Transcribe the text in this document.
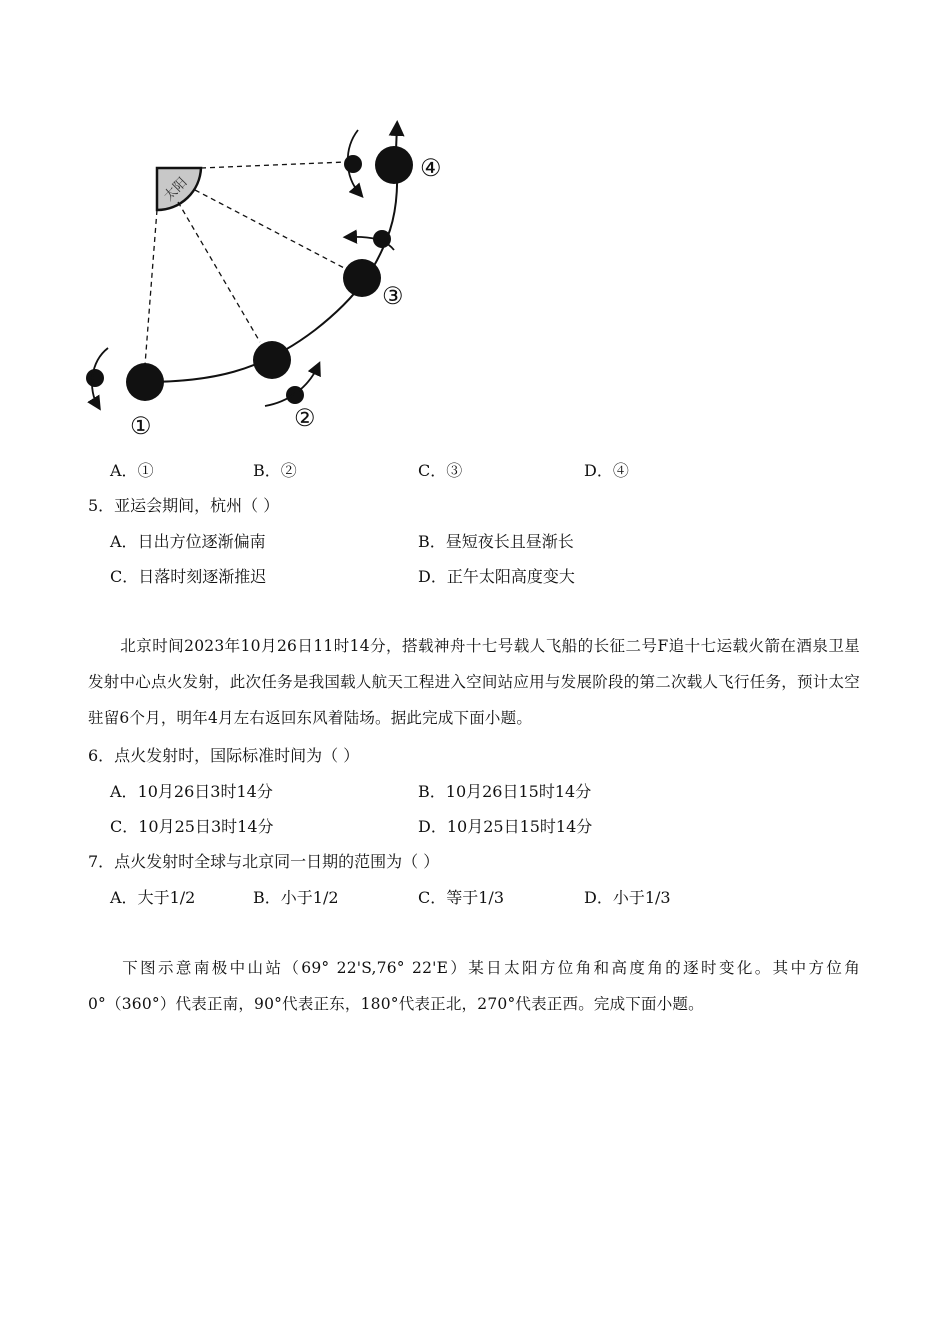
太阳
①	②
③
④
A．①	B．②	C．③	D．④
5．亚运会期间，杭州（ ）
A．日出方位逐渐偏南	B．昼短夜长且昼渐长
C．日落时刻逐渐推迟	D．正午太阳高度变大
北京时间2023年10月26日11时14分，搭载神舟十七号载人飞船的长征二号F追十七运载火箭在酒泉卫星发射中心点火发射，此次任务是我国载人航天工程进入空间站应用与发展阶段的第二次载人飞行任务，预计太空驻留6个月，明年4月左右返回东风着陆场。据此完成下面小题。
6．点火发射时，国际标准时间为（ ）
A．10月26日3时14分	B．10月26日15时14分
C．10月25日3时14分	D．10月25日15时14分
7．点火发射时全球与北京同一日期的范围为（ ）
A．大于1/2	B．小于1/2	C．等于1/3	D．小于1/3
下图示意南极中山站（69° 22'S,76° 22'E）某日太阳方位角和高度角的逐时变化。其中方位角0°（360°）代表正南，90°代表正东，180°代表正北，270°代表正西。完成下面小题。
